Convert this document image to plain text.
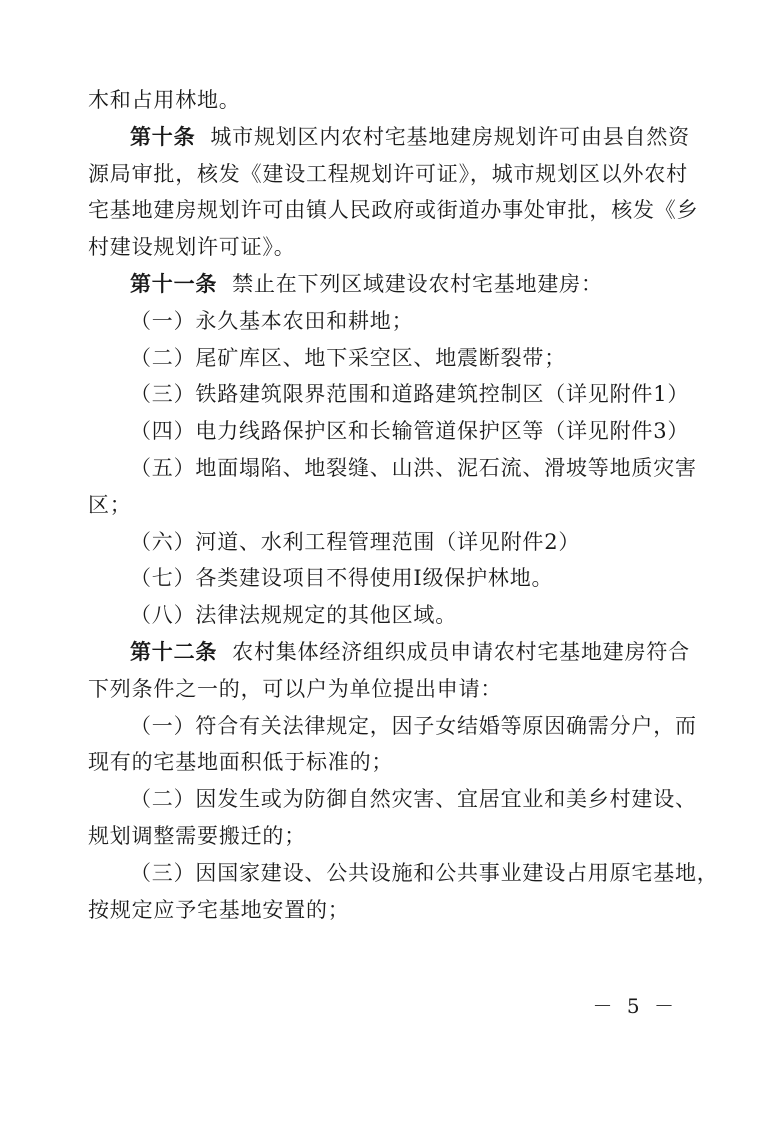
木和占用林地。
第十条 城市规划区内农村宅基地建房规划许可由县自然资
源局审批，核发《建设工程规划许可证》，城市规划区以外农村
宅基地建房规划许可由镇人民政府或街道办事处审批，核发《乡
村建设规划许可证》。
第十一条 禁止在下列区域建设农村宅基地建房：
（一）永久基本农田和耕地；
（二）尾矿库区、地下采空区、地震断裂带；
（三）铁路建筑限界范围和道路建筑控制区（详见附件1）
（四）电力线路保护区和长输管道保护区等（详见附件3）
（五）地面塌陷、地裂缝、山洪、泥石流、滑坡等地质灾害
区；
（六）河道、水利工程管理范围（详见附件2）
（七）各类建设项目不得使用Ⅰ级保护林地。
（八）法律法规规定的其他区域。
第十二条 农村集体经济组织成员申请农村宅基地建房符合
下列条件之一的，可以户为单位提出申请：
（一）符合有关法律规定，因子女结婚等原因确需分户，而
现有的宅基地面积低于标准的；
（二）因发生或为防御自然灾害、宜居宜业和美乡村建设、
规划调整需要搬迁的；
（三）因国家建设、公共设施和公共事业建设占用原宅基地，
按规定应予宅基地安置的；
－ 5 －
